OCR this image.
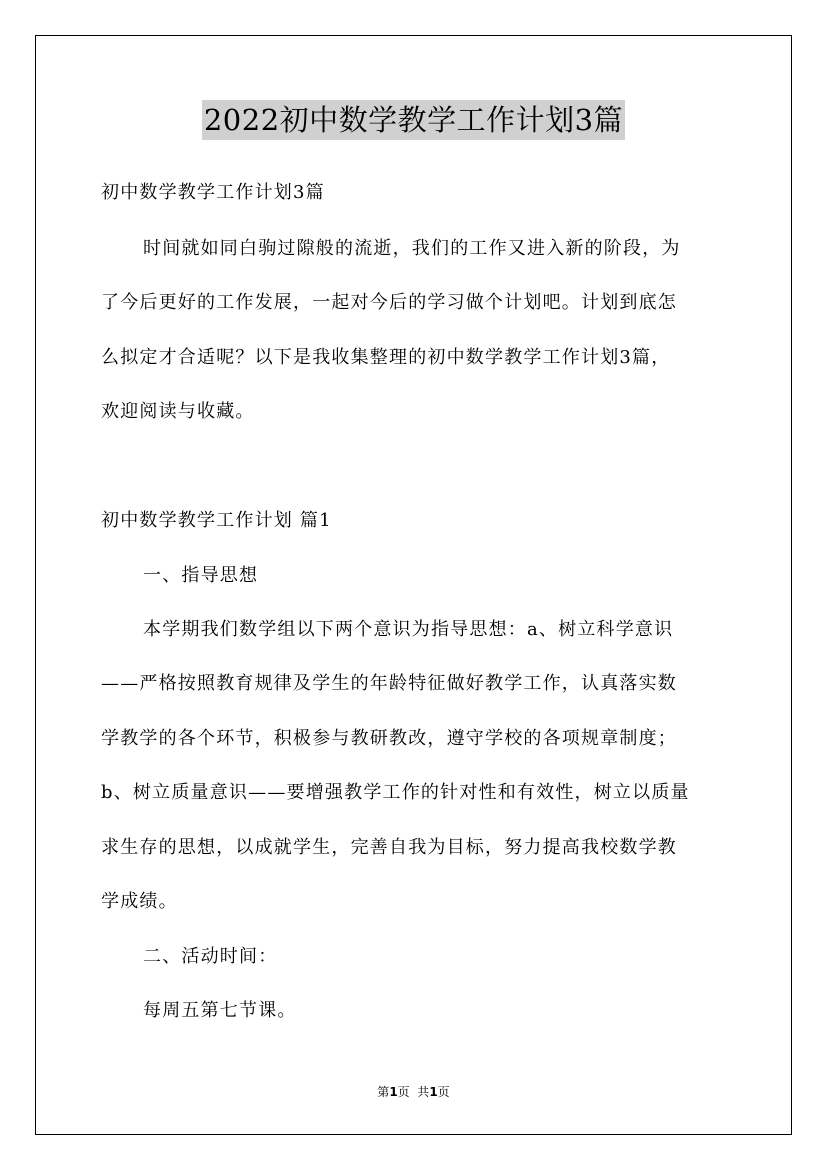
2022初中数学教学工作计划3篇
初中数学教学工作计划3篇
时间就如同白驹过隙般的流逝，我们的工作又进入新的阶段，为
了今后更好的工作发展，一起对今后的学习做个计划吧。计划到底怎
么拟定才合适呢？以下是我收集整理的初中数学教学工作计划3篇，
欢迎阅读与收藏。
初中数学教学工作计划 篇1
一、指导思想
本学期我们数学组以下两个意识为指导思想：a、树立科学意识
——严格按照教育规律及学生的年龄特征做好教学工作，认真落实数
学教学的各个环节，积极参与教研教改，遵守学校的各项规章制度；
b、树立质量意识——要增强教学工作的针对性和有效性，树立以质量
求生存的思想，以成就学生，完善自我为目标，努力提高我校数学教
学成绩。
二、活动时间：
每周五第七节课。
第1页  共1页
